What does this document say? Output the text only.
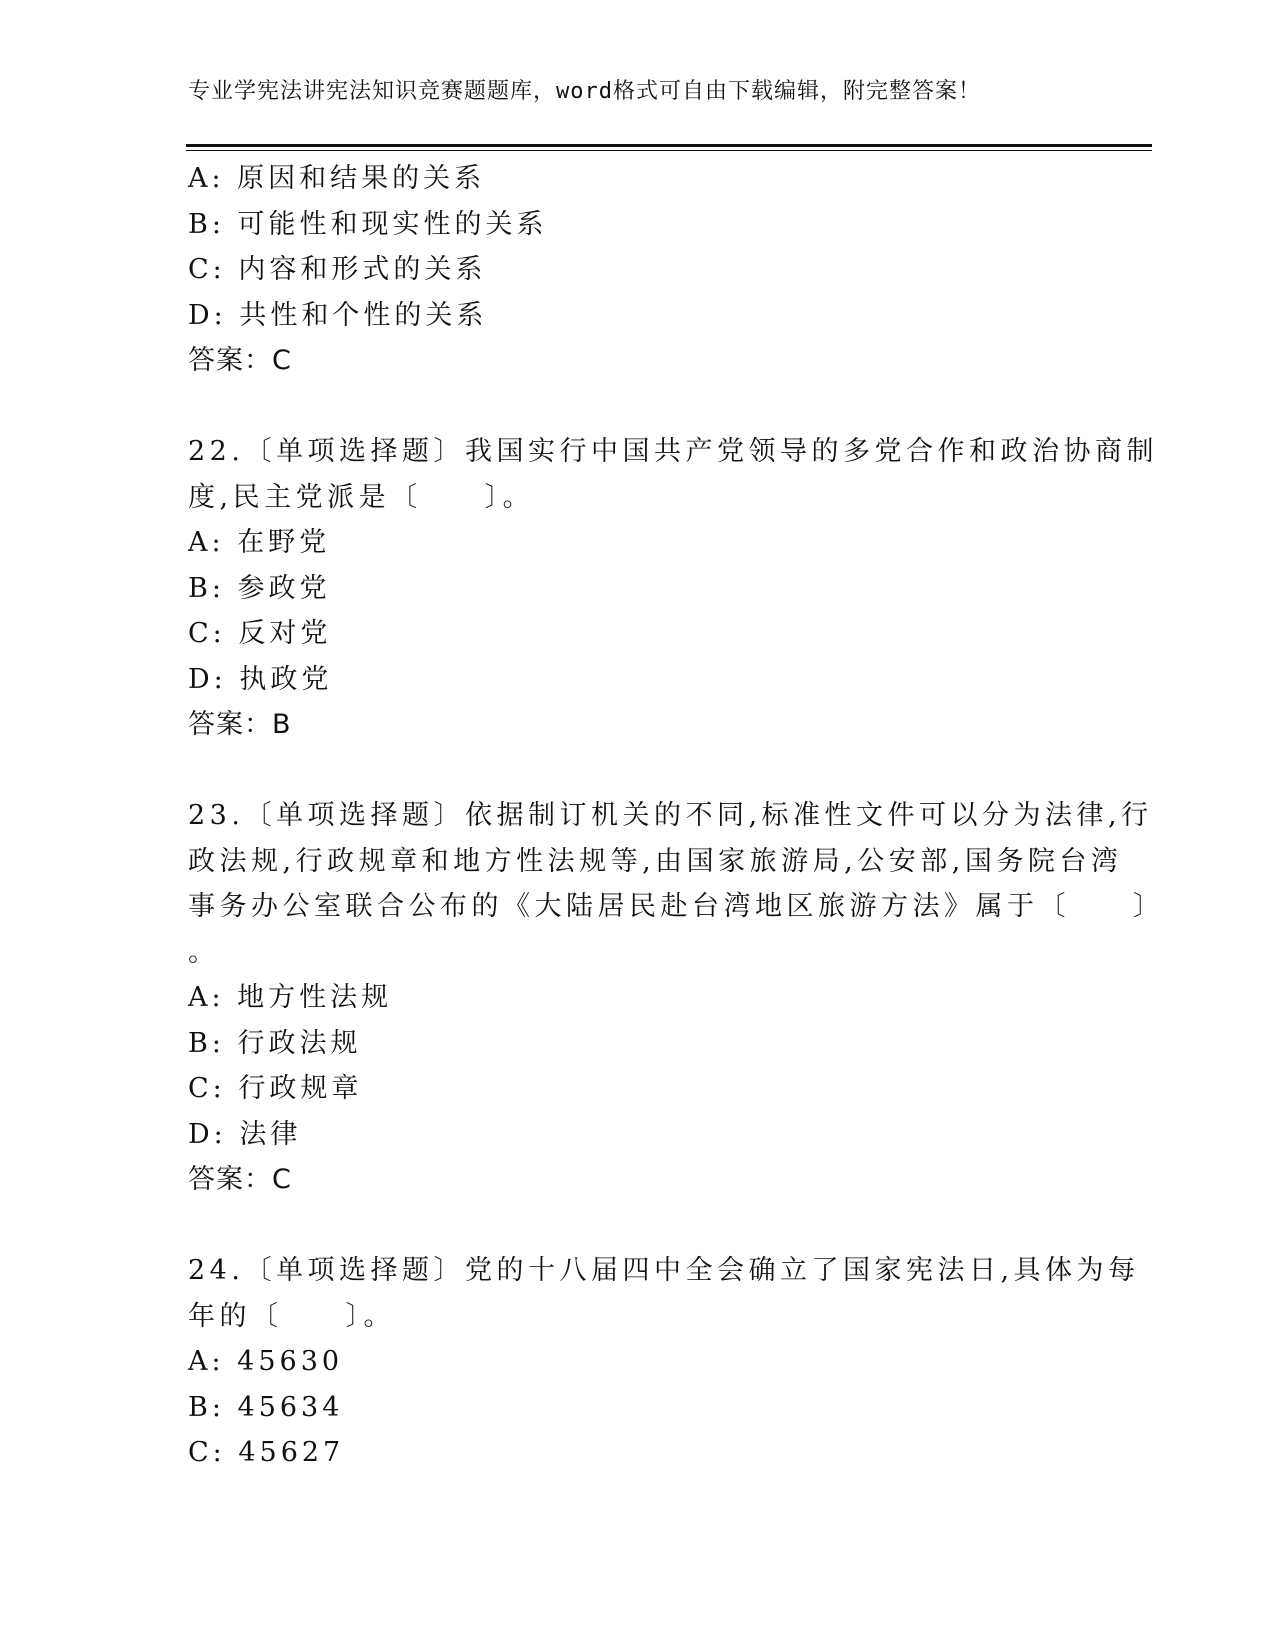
专业学宪法讲宪法知识竞赛题题库，word格式可自由下载编辑，附完整答案！
A: 原因和结果的关系
B: 可能性和现实性的关系
C: 内容和形式的关系
D: 共性和个性的关系
答案：C
22.〔单项选择题〕我国实行中国共产党领导的多党合作和政治协商制
度,民主党派是〔　　〕。
A: 在野党
B: 参政党
C: 反对党
D: 执政党
答案：B
23.〔单项选择题〕依据制订机关的不同,标准性文件可以分为法律,行
政法规,行政规章和地方性法规等,由国家旅游局,公安部,国务院台湾
事务办公室联合公布的《大陆居民赴台湾地区旅游方法》属于〔　　〕
。
A: 地方性法规
B: 行政法规
C: 行政规章
D: 法律
答案：C
24.〔单项选择题〕党的十八届四中全会确立了国家宪法日,具体为每
年的〔　　〕。
A: 45630
B: 45634
C: 45627
